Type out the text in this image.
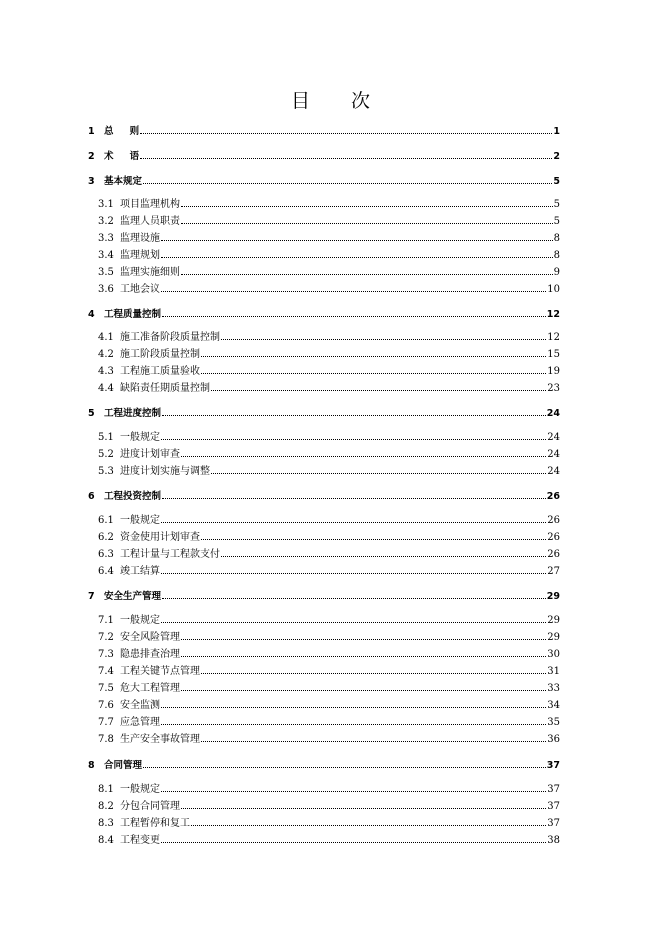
目 次
1 总 　 则	1
2 术 　 语	2
3 基本规定	5
3.1 项目监理机构	5
3.2 监理人员职责	5
3.3 监理设施	8
3.4 监理规划	8
3.5 监理实施细则	9
3.6 工地会议	10
4 工程质量控制	12
4.1 施工准备阶段质量控制	12
4.2 施工阶段质量控制	15
4.3 工程施工质量验收	19
4.4 缺陷责任期质量控制	23
5 工程进度控制	24
5.1 一般规定	24
5.2 进度计划审查	24
5.3 进度计划实施与调整	24
6 工程投资控制	26
6.1 一般规定	26
6.2 资金使用计划审查	26
6.3 工程计量与工程款支付	26
6.4 竣工结算	27
7 安全生产管理	29
7.1 一般规定	29
7.2 安全风险管理	29
7.3 隐患排查治理	30
7.4 工程关键节点管理	31
7.5 危大工程管理	33
7.6 安全监测	34
7.7 应急管理	35
7.8 生产安全事故管理	36
8 合同管理	37
8.1 一般规定	37
8.2 分包合同管理	37
8.3 工程暂停和复工	37
8.4 工程变更	38
